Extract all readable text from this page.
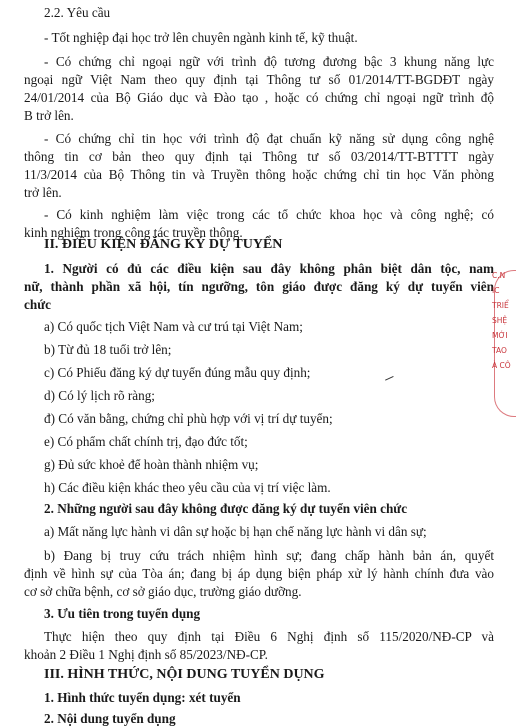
2.2. Yêu cầu
- Tốt nghiệp đại học trở lên chuyên ngành kinh tế, kỹ thuật.
- Có chứng chỉ ngoại ngữ với trình độ tương đương bậc 3 khung năng lực
ngoại ngữ Việt Nam theo quy định tại Thông tư số 01/2014/TT-BGDĐT ngày
24/01/2014 của Bộ Giáo dục và Đào tạo , hoặc có chứng chỉ ngoại ngữ trình độ
B trở lên.
- Có chứng chỉ tin học với trình độ đạt chuẩn kỹ năng sử dụng công nghệ
thông tin cơ bản theo quy định tại Thông tư số 03/2014/TT-BTTTT ngày
11/3/2014 của Bộ Thông tin và Truyền thông hoặc chứng chỉ tin học Văn phòng
trở lên.
- Có kinh nghiệm làm việc trong các tổ chức khoa học và công nghệ; có
kinh nghiệm trong công tác truyền thông.
II. ĐIỀU KIỆN ĐĂNG KÝ DỰ TUYỂN
1. Người có đủ các điều kiện sau đây không phân biệt dân tộc, nam
nữ, thành phần xã hội, tín ngưỡng, tôn giáo được đăng ký dự tuyển viên
chức
a) Có quốc tịch Việt Nam và cư trú tại Việt Nam;
b) Từ đủ 18 tuổi trở lên;
c) Có Phiếu đăng ký dự tuyển đúng mẫu quy định;
d) Có lý lịch rõ ràng;
đ) Có văn bằng, chứng chỉ phù hợp với vị trí dự tuyển;
e) Có phẩm chất chính trị, đạo đức tốt;
g) Đủ sức khoẻ để hoàn thành nhiệm vụ;
h) Các điều kiện khác theo yêu cầu của vị trí việc làm.
2. Những người sau đây không được đăng ký dự tuyển viên chức
a) Mất năng lực hành vi dân sự hoặc bị hạn chế năng lực hành vi dân sự;
b) Đang bị truy cứu trách nhiệm hình sự; đang chấp hành bản án, quyết
định về hình sự của Tòa án; đang bị áp dụng biện pháp xử lý hành chính đưa vào
cơ sở chữa bệnh, cơ sở giáo dục, trường giáo dưỡng.
3. Ưu tiên trong tuyển dụng
Thực hiện theo quy định tại Điều 6 Nghị định số 115/2020/NĐ-CP và
khoản 2 Điều 1 Nghị định số 85/2023/NĐ-CP.
III. HÌNH THỨC, NỘI DUNG TUYỂN DỤNG
1. Hình thức tuyển dụng: xét tuyển
2. Nội dung tuyển dụng
C.N
IC
TRIỂ
SHỆ
MỚI
TAO
À CÔ
